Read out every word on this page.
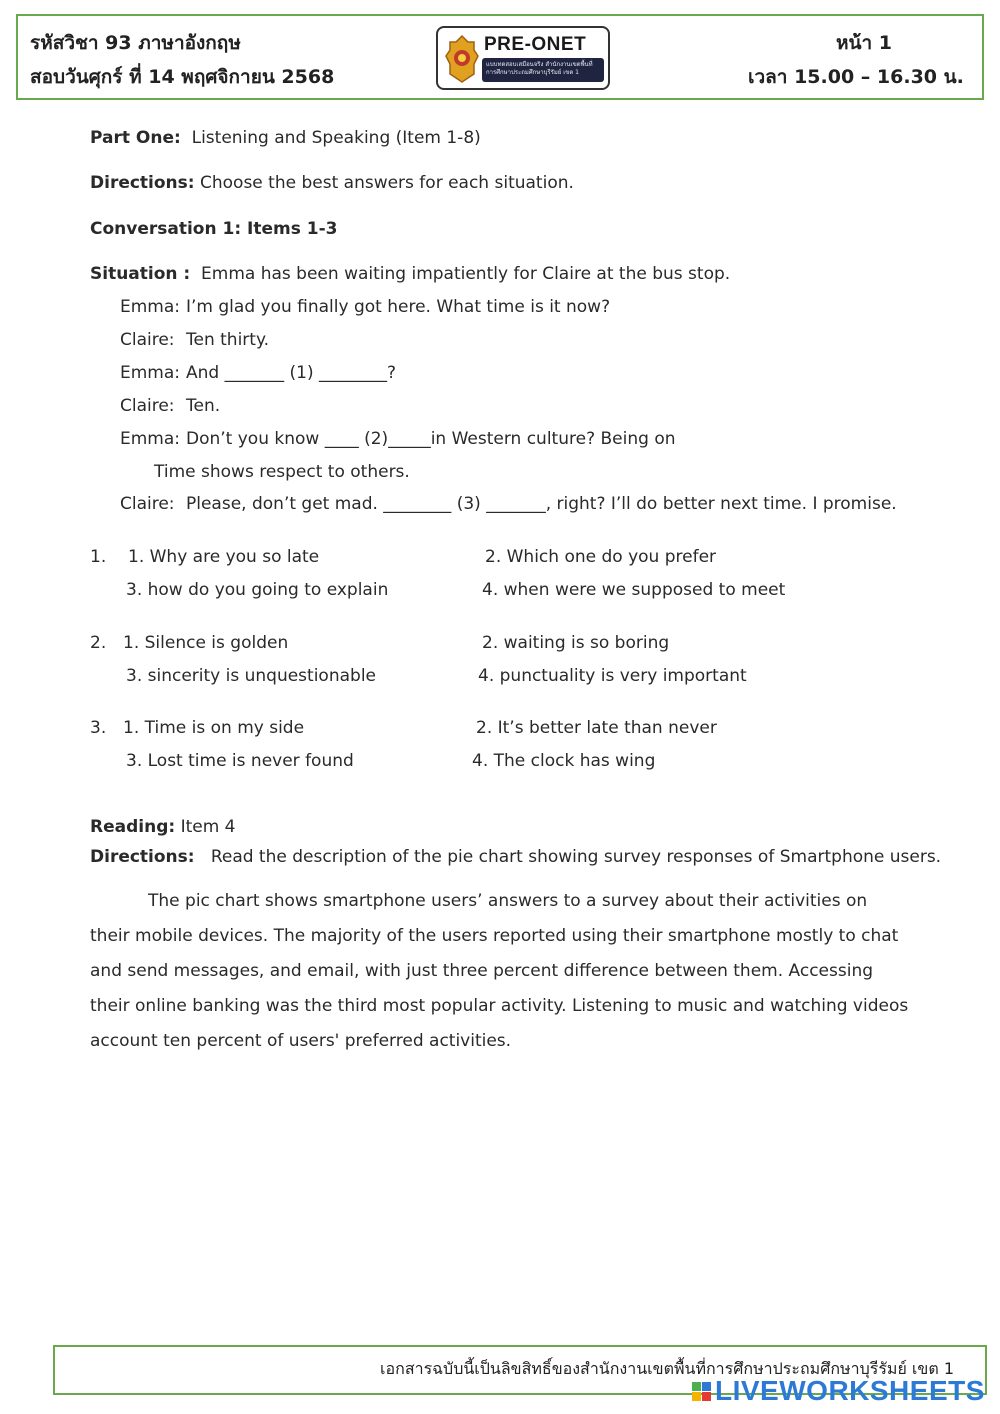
รหัสวิชา 93 ภาษาอังกฤษ
สอบวันศุกร์ ที่ 14 พฤศจิกายน 2568
หน้า 1
เวลา 15.00 – 16.30 น.
PRE-ONET
แบบทดสอบเสมือนจริง สำนักงานเขตพื้นที่การศึกษาประถมศึกษาบุรีรัมย์ เขต 1
Part One: Listening and Speaking (Item 1-8)
Directions: Choose the best answers for each situation.
Conversation 1: Items 1-3
Situation : Emma has been waiting impatiently for Claire at the bus stop.
Emma: I’m glad you finally got here. What time is it now?
Claire: Ten thirty.
Emma: And _______ (1) ________?
Claire: Ten.
Emma: Don’t you know ____ (2)_____in Western culture? Being on
Time shows respect to others.
Claire: Please, don’t get mad. ________ (3) _______, right? I’ll do better next time. I promise.
1. 1. Why are you so late	2. Which one do you prefer
3. how do you going to explain	4. when were we supposed to meet
2. 1. Silence is golden	2. waiting is so boring
3. sincerity is unquestionable	4. punctuality is very important
3. 1. Time is on my side	2. It’s better late than never
3. Lost time is never found	4. The clock has wing
Reading: Item 4
Directions: Read the description of the pie chart showing survey responses of Smartphone users.
The pic chart shows smartphone users’ answers to a survey about their activities on their mobile devices. The majority of the users reported using their smartphone mostly to chat and send messages, and email, with just three percent difference between them. Accessing their online banking was the third most popular activity. Listening to music and watching videos account ten percent of users' preferred activities.
เอกสารฉบับนี้เป็นลิขสิทธิ์ของสำนักงานเขตพื้นที่การศึกษาประถมศึกษาบุรีรัมย์ เขต 1
LIVEWORKSHEETS
